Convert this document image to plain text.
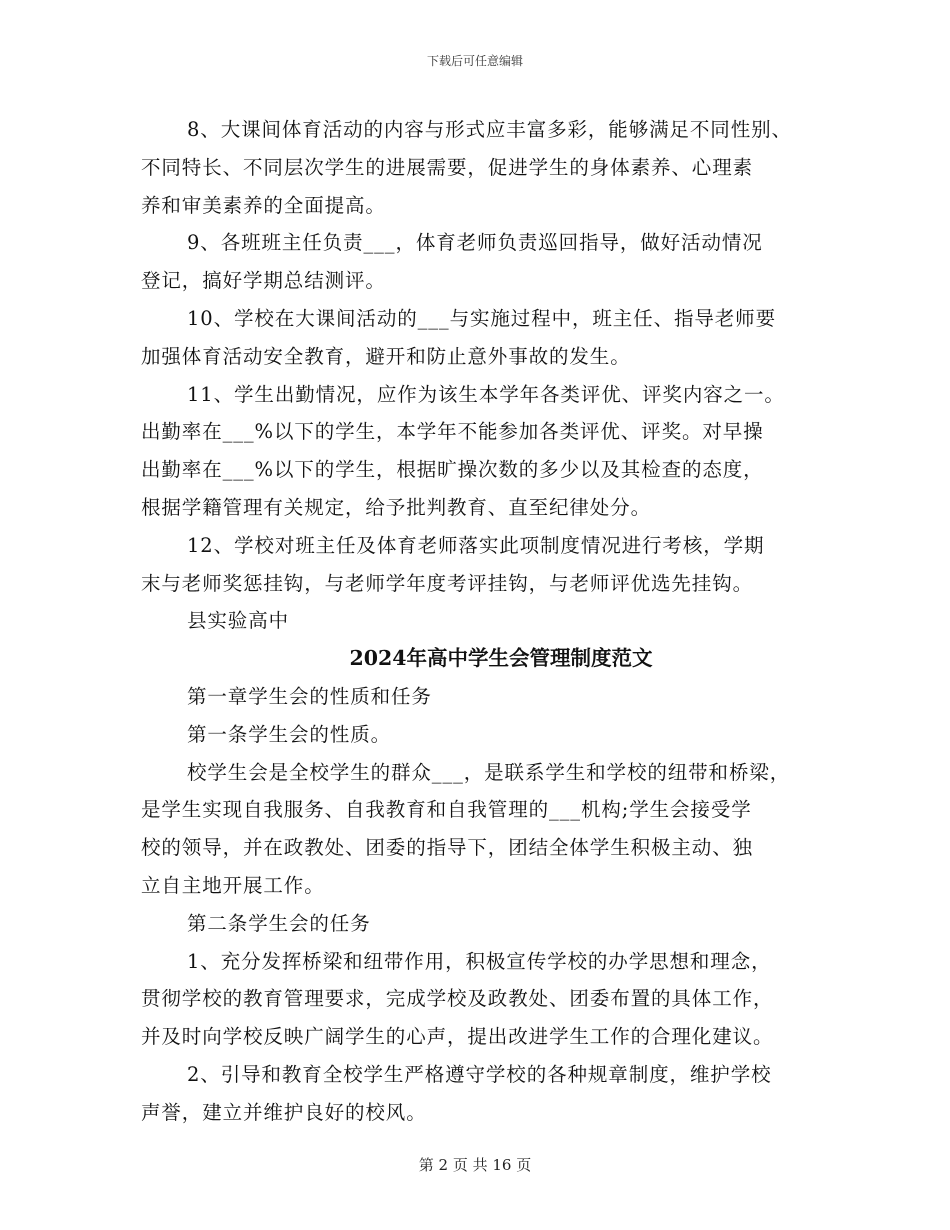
下载后可任意编辑
8、大课间体育活动的内容与形式应丰富多彩，能够满足不同性别、
不同特长、不同层次学生的进展需要，促进学生的身体素养、心理素
养和审美素养的全面提高。
9、各班班主任负责___，体育老师负责巡回指导，做好活动情况
登记，搞好学期总结测评。
10、学校在大课间活动的___与实施过程中，班主任、指导老师要
加强体育活动安全教育，避开和防止意外事故的发生。
11、学生出勤情况，应作为该生本学年各类评优、评奖内容之一。
出勤率在___%以下的学生，本学年不能参加各类评优、评奖。对早操
出勤率在___%以下的学生，根据旷操次数的多少以及其检查的态度，
根据学籍管理有关规定，给予批判教育、直至纪律处分。
12、学校对班主任及体育老师落实此项制度情况进行考核，学期
末与老师奖惩挂钩，与老师学年度考评挂钩，与老师评优选先挂钩。
县实验高中
2024年高中学生会管理制度范文
第一章学生会的性质和任务
第一条学生会的性质。
校学生会是全校学生的群众___，是联系学生和学校的纽带和桥梁，
是学生实现自我服务、自我教育和自我管理的___机构;学生会接受学
校的领导，并在政教处、团委的指导下，团结全体学生积极主动、独
立自主地开展工作。
第二条学生会的任务
1、充分发挥桥梁和纽带作用，积极宣传学校的办学思想和理念，
贯彻学校的教育管理要求，完成学校及政教处、团委布置的具体工作，
并及时向学校反映广阔学生的心声，提出改进学生工作的合理化建议。
2、引导和教育全校学生严格遵守学校的各种规章制度，维护学校
声誉，建立并维护良好的校风。
第 2 页 共 16 页
